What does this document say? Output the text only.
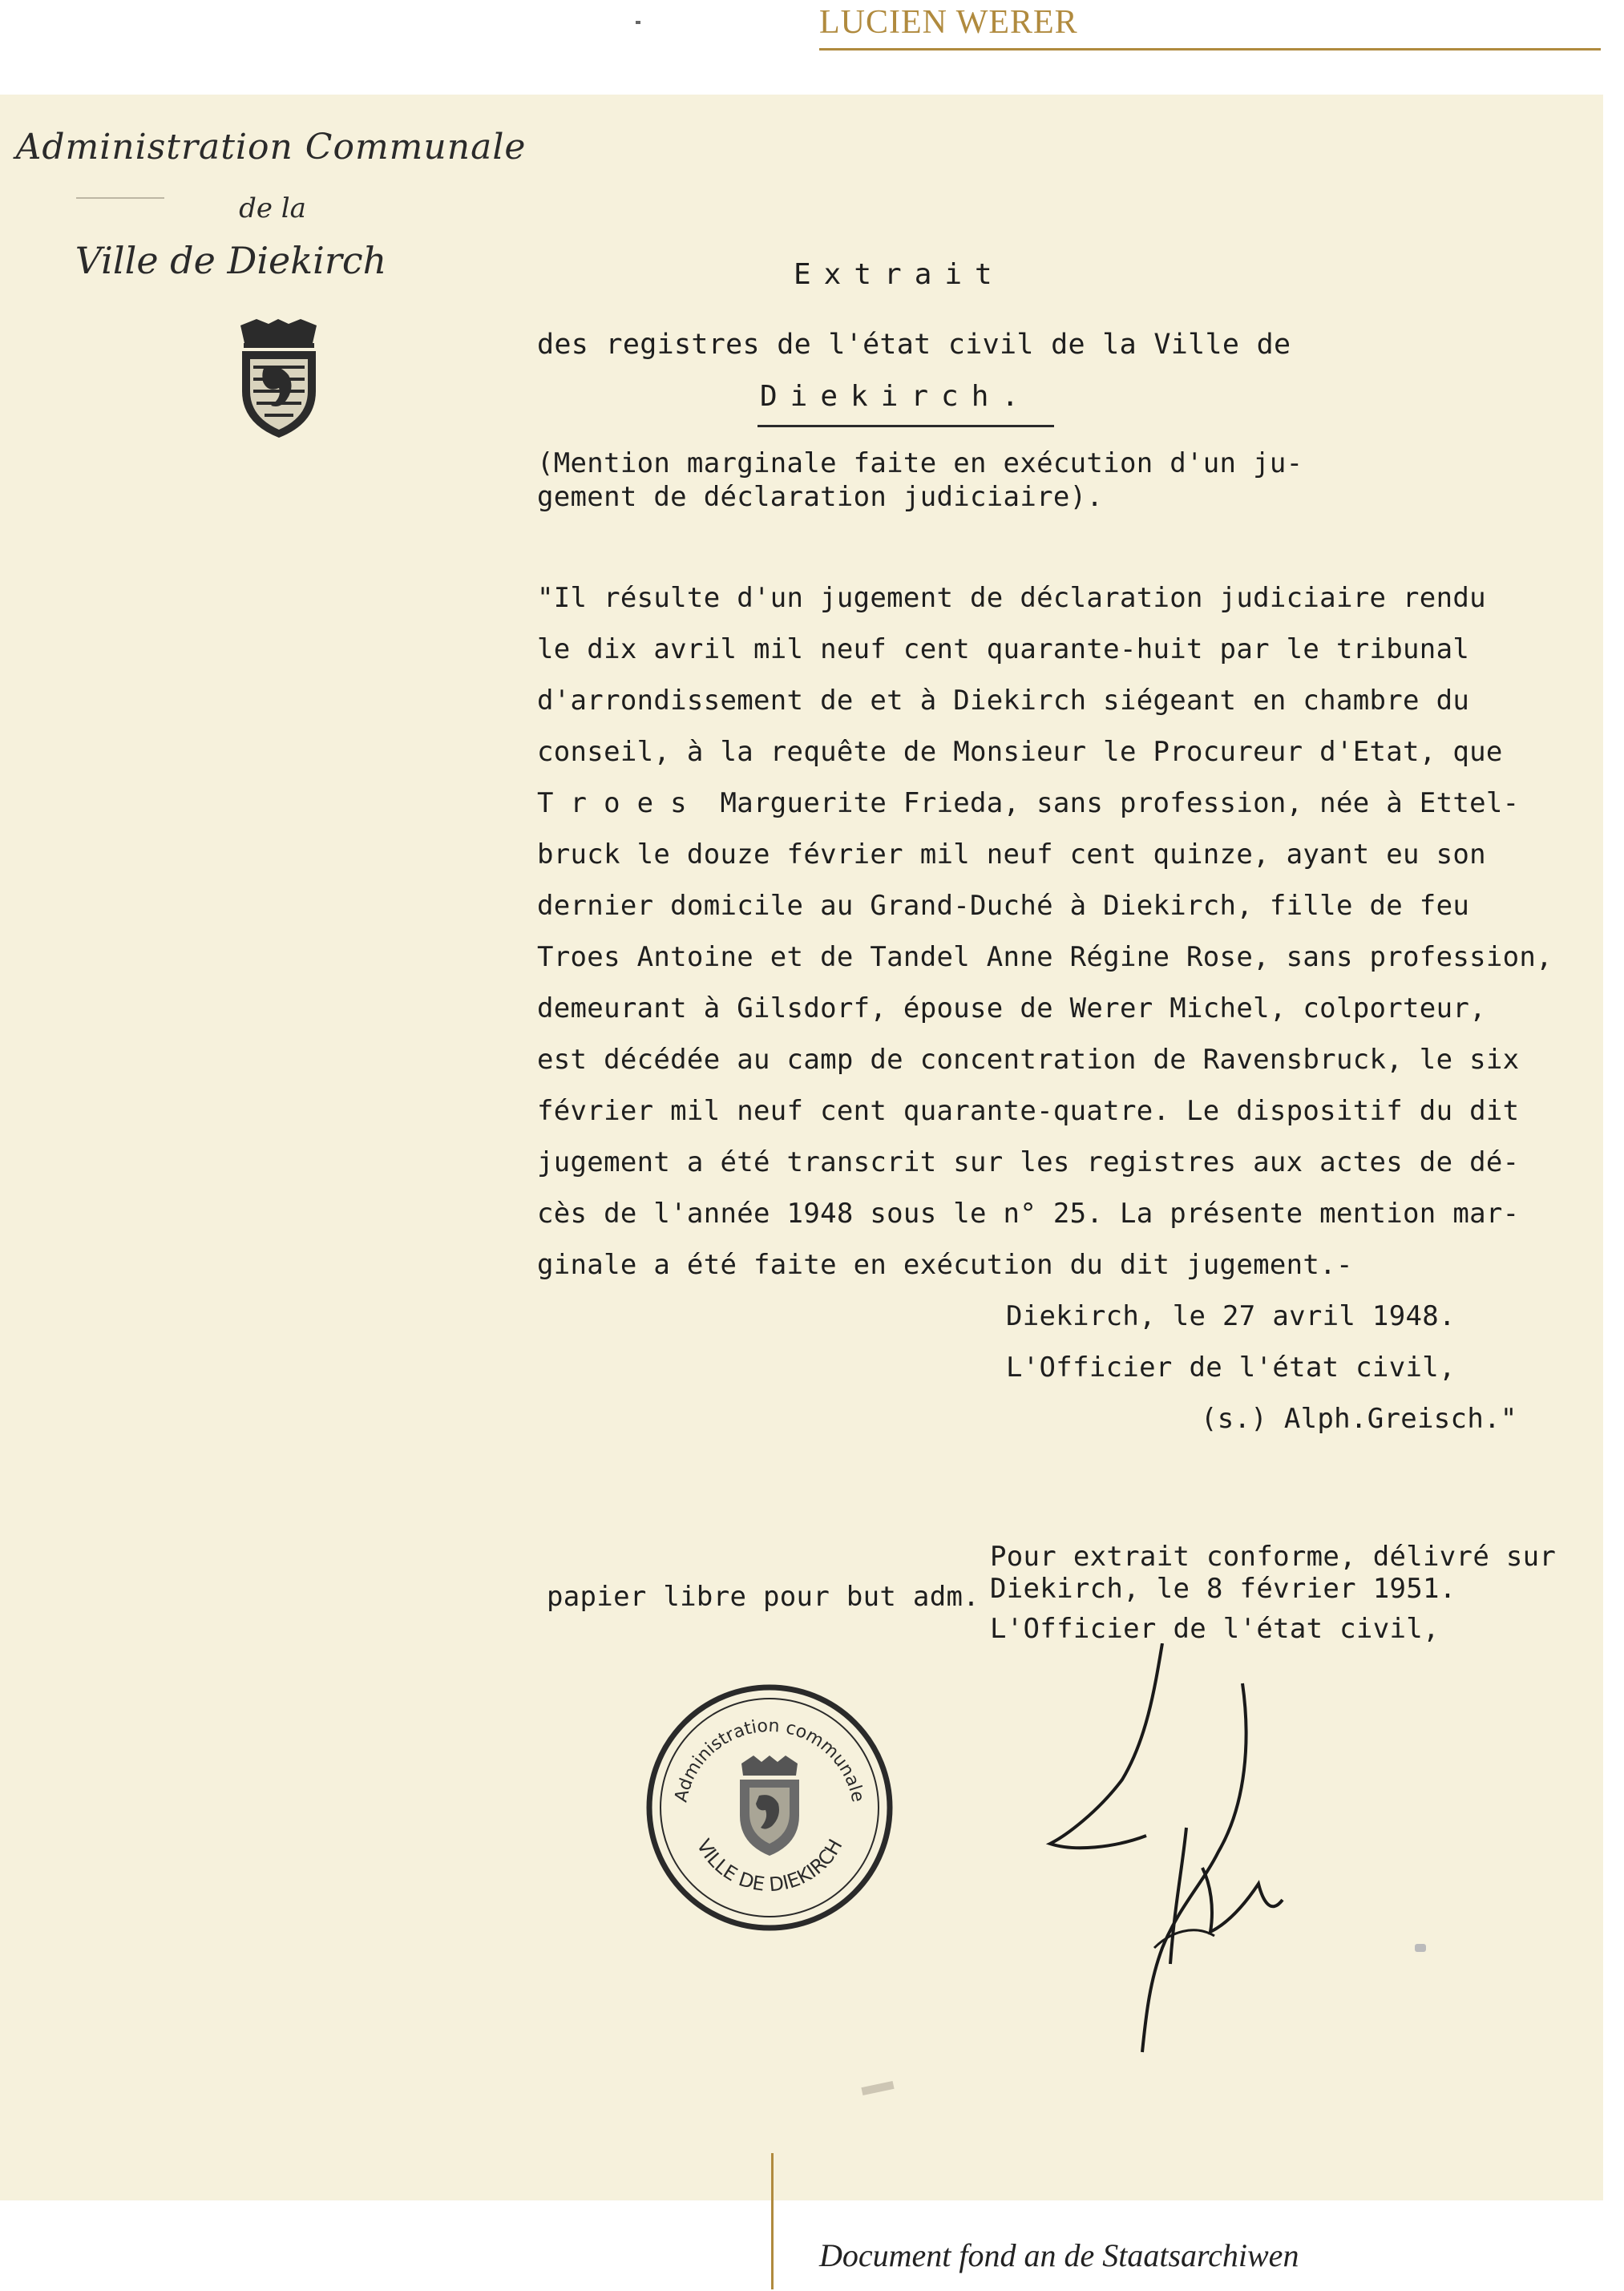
LUCIEN WERER
Administration Communale
de la
Ville de Diekirch	Extrait
des registres de l'état civil de la Ville de
Diekirch.
(Mention marginale faite en exécution d'un ju-
gement de déclaration judiciaire).
"Il résulte d'un jugement de déclaration judiciaire rendu
le dix avril mil neuf cent quarante-huit par le tribunal
d'arrondissement de et à Diekirch siégeant en chambre du
conseil, à la requête de Monsieur le Procureur d'Etat, que
T r o e s  Marguerite Frieda, sans profession, née à Ettel-
bruck le douze février mil neuf cent quinze, ayant eu son
dernier domicile au Grand-Duché à Diekirch, fille de feu
Troes Antoine et de Tandel Anne Régine Rose, sans profession,
demeurant à Gilsdorf, épouse de Werer Michel, colporteur,
est décédée au camp de concentration de Ravensbruck, le six
février mil neuf cent quarante-quatre. Le dispositif du dit
jugement a été transcrit sur les registres aux actes de dé-
cès de l'année 1948 sous le n° 25. La présente mention mar-
ginale a été faite en exécution du dit jugement.-
Diekirch, le 27 avril 1948.
L'Officier de l'état civil,
(s.) Alph.Greisch."
Pour extrait conforme, délivré sur
papier libre pour but adm. Diekirch, le 8 février 1951.
L'Officier de l'état civil,
Administration communale
VILLE DE DIEKIRCH
Document fond an de Staatsarchiwen
